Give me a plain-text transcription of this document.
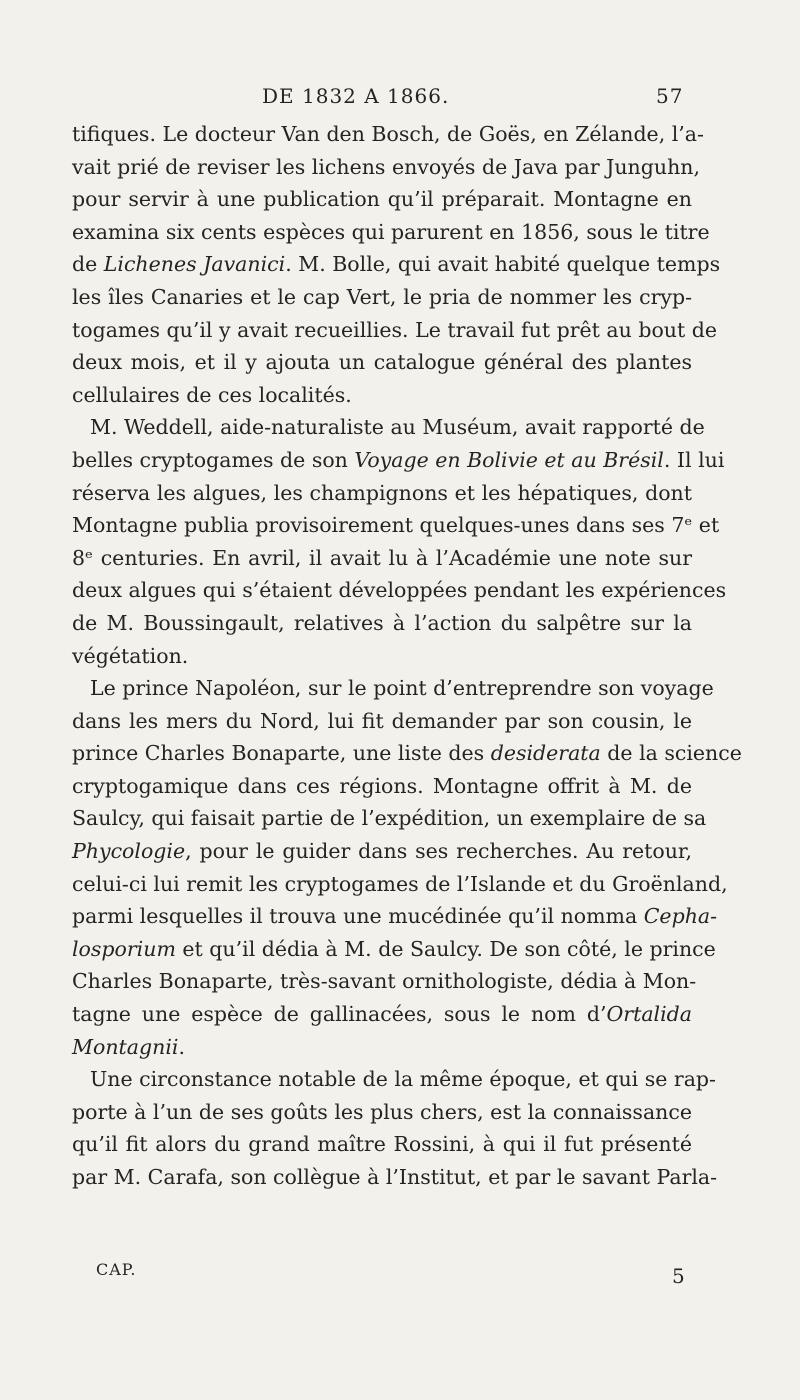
DE 1832 A 1866.	57
tifiques. Le docteur Van den Bosch, de Goës, en Zélande, l’a-
vait prié de reviser les lichens envoyés de Java par Junguhn,
pour servir à une publication qu’il préparait. Montagne en
examina six cents espèces qui parurent en 1856, sous le titre
de Lichenes Javanici. M. Bolle, qui avait habité quelque temps
les îles Canaries et le cap Vert, le pria de nommer les cryp-
togames qu’il y avait recueillies. Le travail fut prêt au bout de
deux mois, et il y ajouta un catalogue général des plantes
cellulaires de ces localités.
M. Weddell, aide-naturaliste au Muséum, avait rapporté de
belles cryptogames de son Voyage en Bolivie et au Brésil. Il lui
réserva les algues, les champignons et les hépatiques, dont
Montagne publia provisoirement quelques-unes dans ses 7ᵉ et
8ᵉ centuries. En avril, il avait lu à l’Académie une note sur
deux algues qui s’étaient développées pendant les expériences
de M. Boussingault, relatives à l’action du salpêtre sur la
végétation.
Le prince Napoléon, sur le point d’entreprendre son voyage
dans les mers du Nord, lui fit demander par son cousin, le
prince Charles Bonaparte, une liste des desiderata de la science
cryptogamique dans ces régions. Montagne offrit à M. de
Saulcy, qui faisait partie de l’expédition, un exemplaire de sa
Phycologie, pour le guider dans ses recherches. Au retour,
celui-ci lui remit les cryptogames de l’Islande et du Groënland,
parmi lesquelles il trouva une mucédinée qu’il nomma Cepha-
losporium et qu’il dédia à M. de Saulcy. De son côté, le prince
Charles Bonaparte, très-savant ornithologiste, dédia à Mon-
tagne une espèce de gallinacées, sous le nom d’Ortalida
Montagnii.
Une circonstance notable de la même époque, et qui se rap-
porte à l’un de ses goûts les plus chers, est la connaissance
qu’il fit alors du grand maître Rossini, à qui il fut présenté
par M. Carafa, son collègue à l’Institut, et par le savant Parla-
CAP.	5
